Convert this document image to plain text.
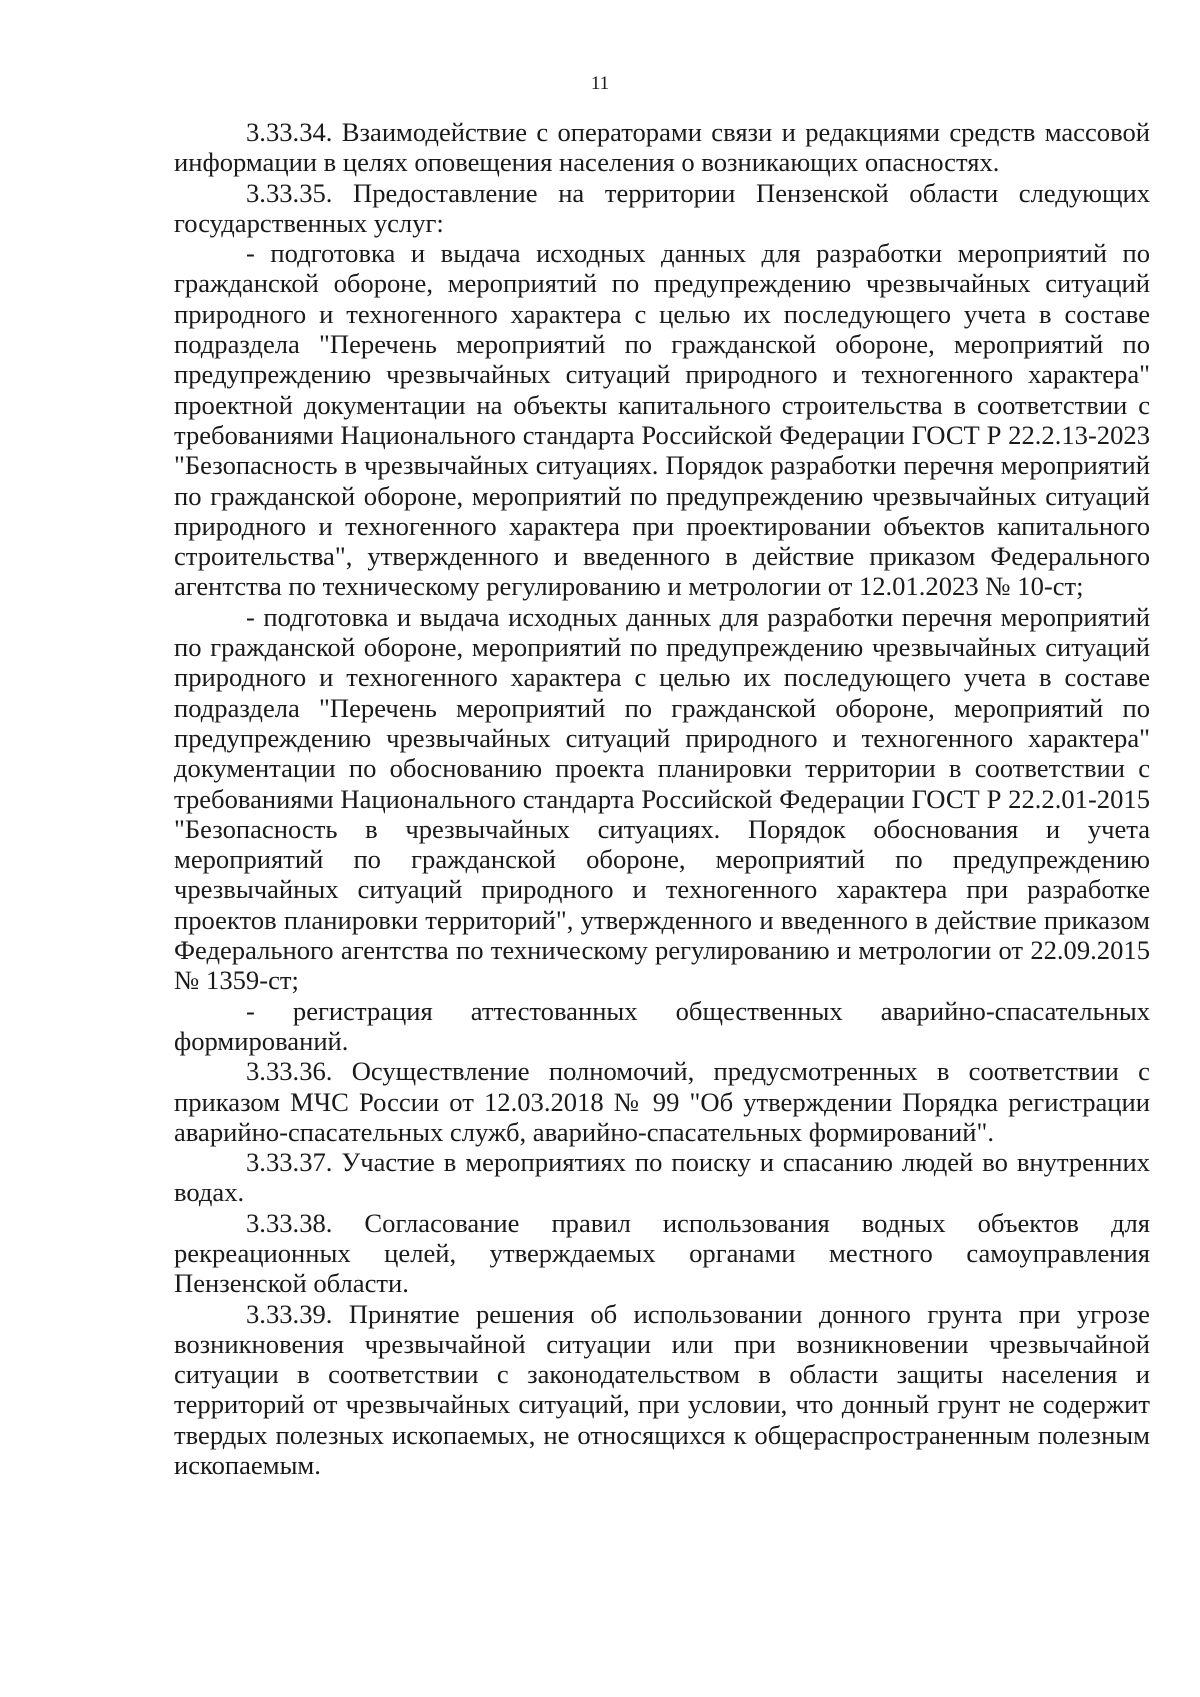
11

3.33.34. Взаимодействие с операторами связи и редакциями средств массовой информации в целях оповещения населения о возникающих опасностях.

3.33.35. Предоставление на территории Пензенской области следующих государственных услуг:

- подготовка и выдача исходных данных для разработки мероприятий по гражданской обороне, мероприятий по предупреждению чрезвычайных ситуаций природного и техногенного характера с целью их последующего учета в составе подраздела "Перечень мероприятий по гражданской обороне, мероприятий по предупреждению чрезвычайных ситуаций природного и техногенного характера" проектной документации на объекты капитального строительства в соответствии с требованиями Национального стандарта Российской Федерации ГОСТ Р 22.2.13-2023 "Безопасность в чрезвычайных ситуациях. Порядок разработки перечня мероприятий по гражданской обороне, мероприятий по предупреждению чрезвычайных ситуаций природного и техногенного характера при проектировании объектов капитального строительства", утвержденного и введенного в действие приказом Федерального агентства по техническому регулированию и метрологии от 12.01.2023 № 10-ст;

- подготовка и выдача исходных данных для разработки перечня мероприятий по гражданской обороне, мероприятий по предупреждению чрезвычайных ситуаций природного и техногенного характера с целью их последующего учета в составе подраздела "Перечень мероприятий по гражданской обороне, мероприятий по предупреждению чрезвычайных ситуаций природного и техногенного характера" документации по обоснованию проекта планировки территории в соответствии с требованиями Национального стандарта Российской Федерации ГОСТ Р 22.2.01-2015 "Безопасность в чрезвычайных ситуациях. Порядок обоснования и учета мероприятий по гражданской обороне, мероприятий по предупреждению чрезвычайных ситуаций природного и техногенного характера при разработке проектов планировки территорий", утвержденного и введенного в действие приказом Федерального агентства по техническому регулированию и метрологии от 22.09.2015 № 1359-ст;

- регистрация аттестованных общественных аварийно-спасательных формирований.

3.33.36. Осуществление полномочий, предусмотренных в соответствии с приказом МЧС России от 12.03.2018 № 99 "Об утверждении Порядка регистрации аварийно-спасательных служб, аварийно-спасательных формирований".

3.33.37. Участие в мероприятиях по поиску и спасанию людей во внутренних водах.

3.33.38. Согласование правил использования водных объектов для рекреационных целей, утверждаемых органами местного самоуправления Пензенской области.

3.33.39. Принятие решения об использовании донного грунта при угрозе возникновения чрезвычайной ситуации или при возникновении чрезвычайной ситуации в соответствии с законодательством в области защиты населения и территорий от чрезвычайных ситуаций, при условии, что донный грунт не содержит твердых полезных ископаемых, не относящихся к общераспространенным полезным ископаемым.
